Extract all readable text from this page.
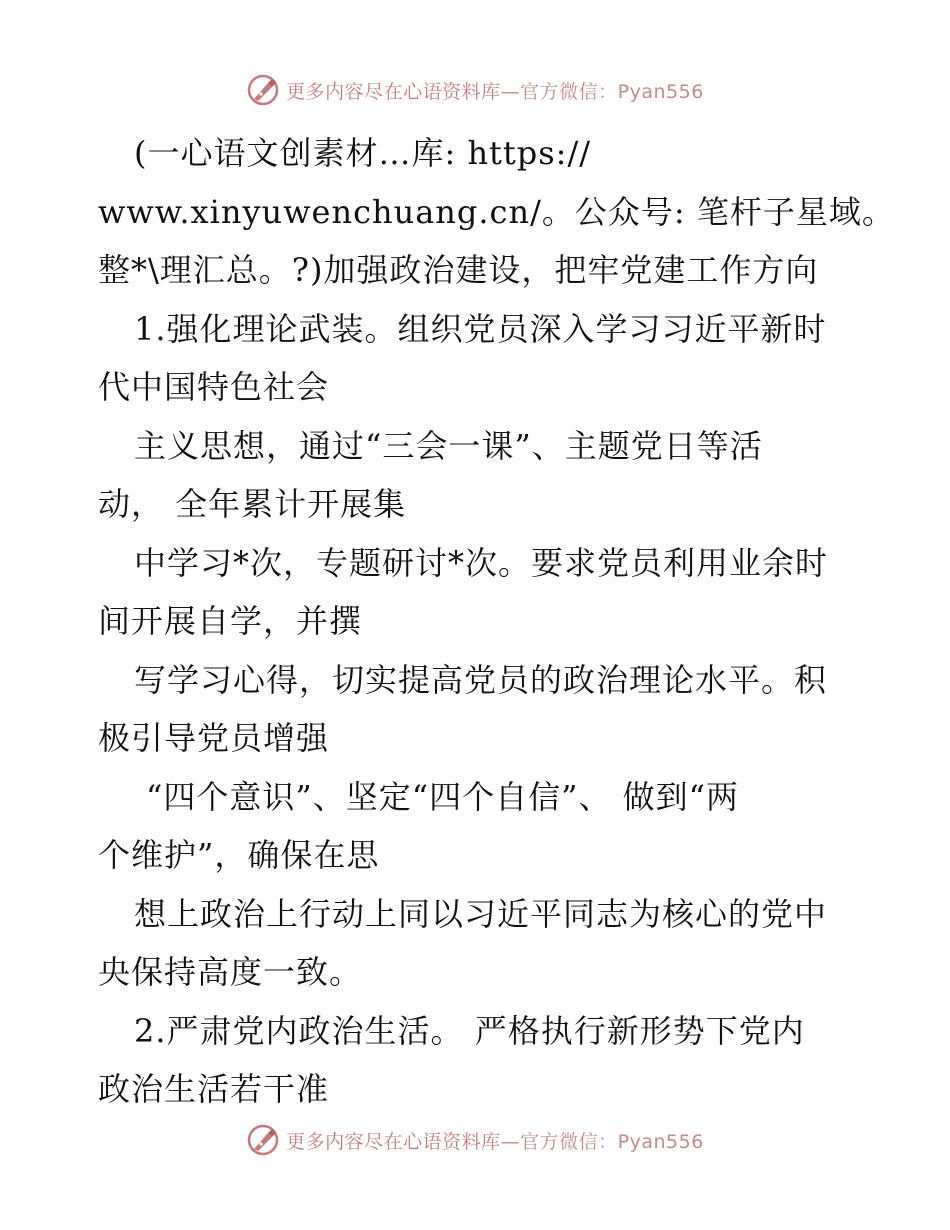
更多内容尽在心语资料库—官方微信：Pyan556
(一心语文创素材…库: https://
www.xinyuwenchuang.cn/。公众号: 笔杆子星域。
整*\理汇总。?)加强政治建设，把牢党建工作方向
1.强化理论武装。组织党员深入学习习近平新时
代中国特色社会
主义思想，通过“三会一课”、主题党日等活
动， 全年累计开展集
中学习*次，专题研讨*次。要求党员利用业余时
间开展自学，并撰
写学习心得，切实提高党员的政治理论水平。积
极引导党员增强
“四个意识”、坚定“四个自信”、 做到“两
个维护”，确保在思
想上政治上行动上同以习近平同志为核心的党中
央保持高度一致。
2.严肃党内政治生活。 严格执行新形势下党内
政治生活若干准
更多内容尽在心语资料库—官方微信：Pyan556
